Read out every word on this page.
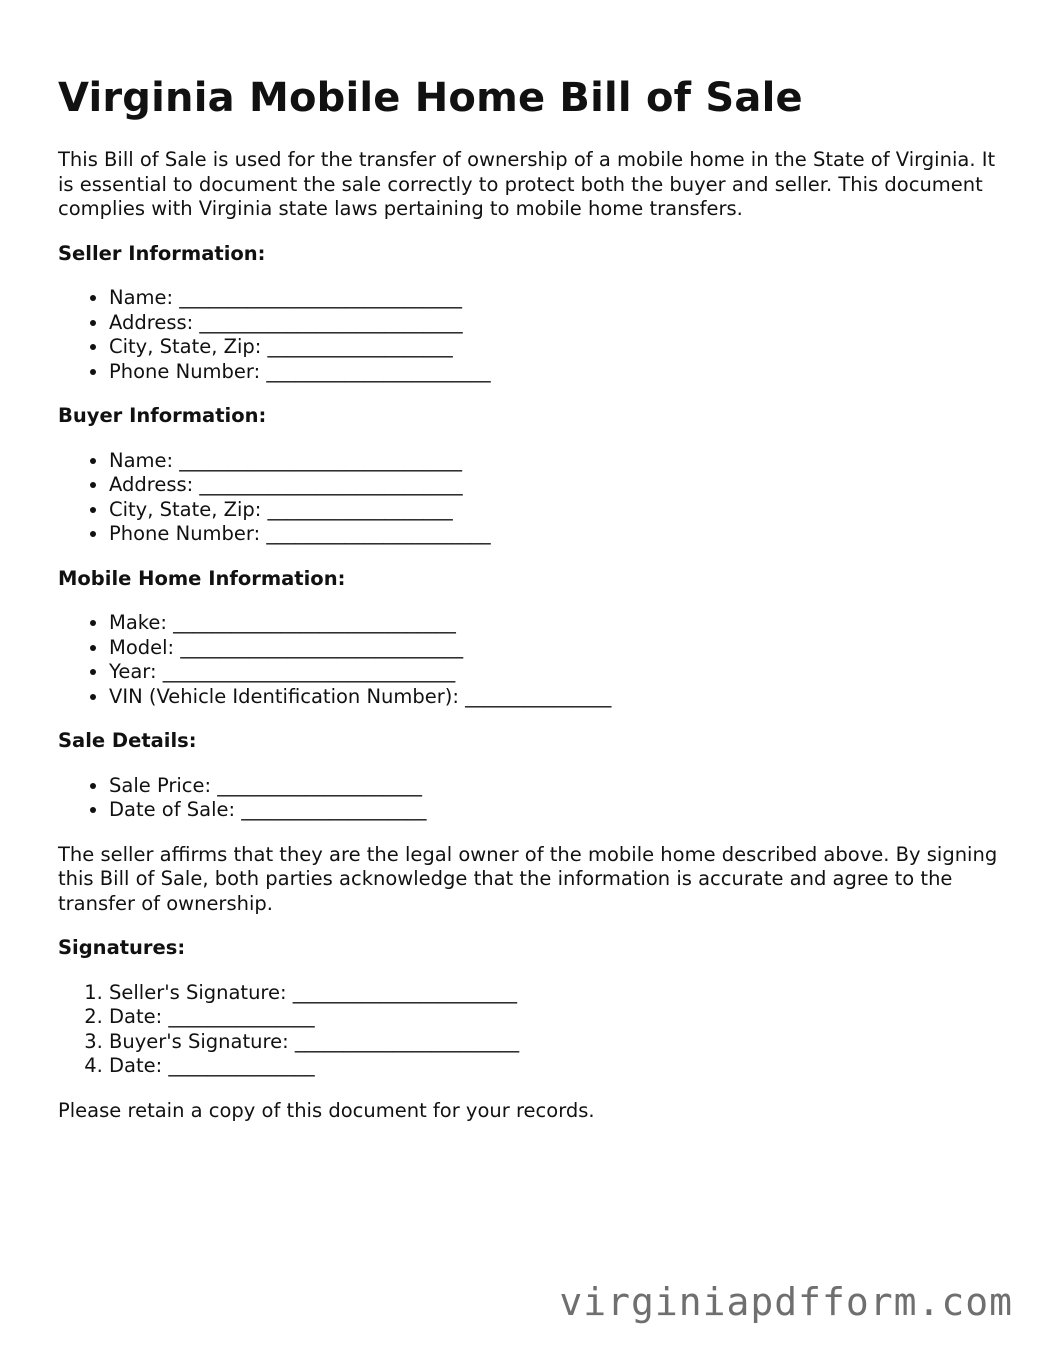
Virginia Mobile Home Bill of Sale

This Bill of Sale is used for the transfer of ownership of a mobile home in the State of Virginia. It is essential to document the sale correctly to protect both the buyer and seller. This document complies with Virginia state laws pertaining to mobile home transfers.

Seller Information:
• Name: _____________________________
• Address: ___________________________
• City, State, Zip: ___________________
• Phone Number: _______________________
Buyer Information:
• Name: _____________________________
• Address: ___________________________
• City, State, Zip: ___________________
• Phone Number: _______________________
Mobile Home Information:
• Make: _____________________________
• Model: _____________________________
• Year: ______________________________
• VIN (Vehicle Identification Number): _______________
Sale Details:
• Sale Price: _____________________
• Date of Sale: ___________________

The seller affirms that they are the legal owner of the mobile home described above. By signing this Bill of Sale, both parties acknowledge that the information is accurate and agree to the transfer of ownership.

Signatures:
1. Seller's Signature: _______________________
2. Date: _______________
3. Buyer's Signature: _______________________
4. Date: _______________

Please retain a copy of this document for your records.

virginiapdfform.com
